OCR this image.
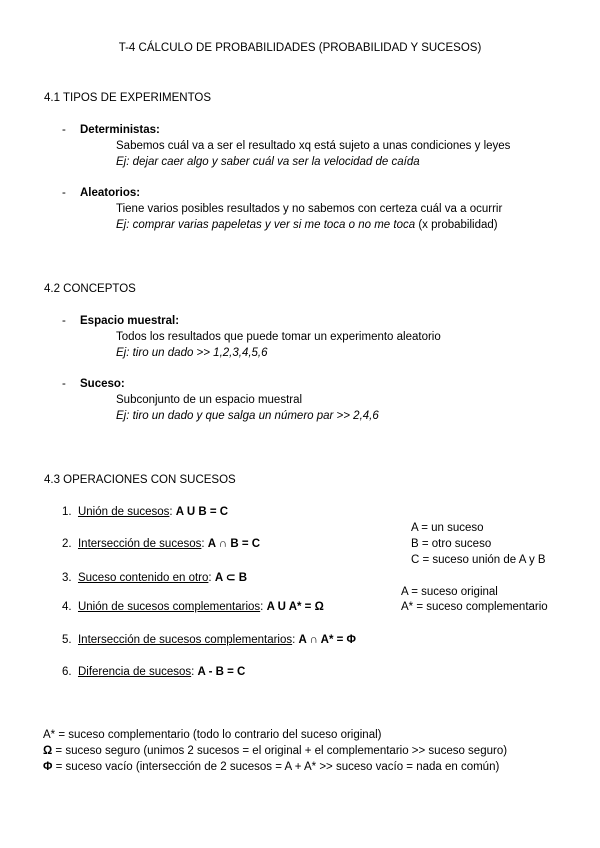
T-4 CÁLCULO DE PROBABILIDADES (PROBABILIDAD Y SUCESOS)
4.1 TIPOS DE EXPERIMENTOS
- Deterministas:
Sabemos cuál va a ser el resultado xq está sujeto a unas condiciones y leyes
Ej: dejar caer algo y saber cuál va ser la velocidad de caída
- Aleatorios:
Tiene varios posibles resultados y no sabemos con certeza cuál va a ocurrir
Ej: comprar varias papeletas y ver si me toca o no me toca (x probabilidad)
4.2 CONCEPTOS
- Espacio muestral:
Todos los resultados que puede tomar un experimento aleatorio
Ej: tiro un dado >> 1,2,3,4,5,6
- Suceso:
Subconjunto de un espacio muestral
Ej: tiro un dado y que salga un número par >> 2,4,6
4.3 OPERACIONES CON SUCESOS
1. Unión de sucesos: A U B = C
2. Intersección de sucesos: A ∩ B = C
3. Suceso contenido en otro: A ⊂ B
4. Unión de sucesos complementarios: A U A* = Ω
5. Intersección de sucesos complementarios: A ∩ A* = Φ
6. Diferencia de sucesos: A - B = C
A = un suceso
B = otro suceso
C = suceso unión de A y B
A = suceso original
A* = suceso complementario
A* = suceso complementario (todo lo contrario del suceso original)
Ω = suceso seguro (unimos 2 sucesos = el original + el complementario >> suceso seguro)
Φ = suceso vacío (intersección de 2 sucesos = A + A* >> suceso vacío = nada en común)
